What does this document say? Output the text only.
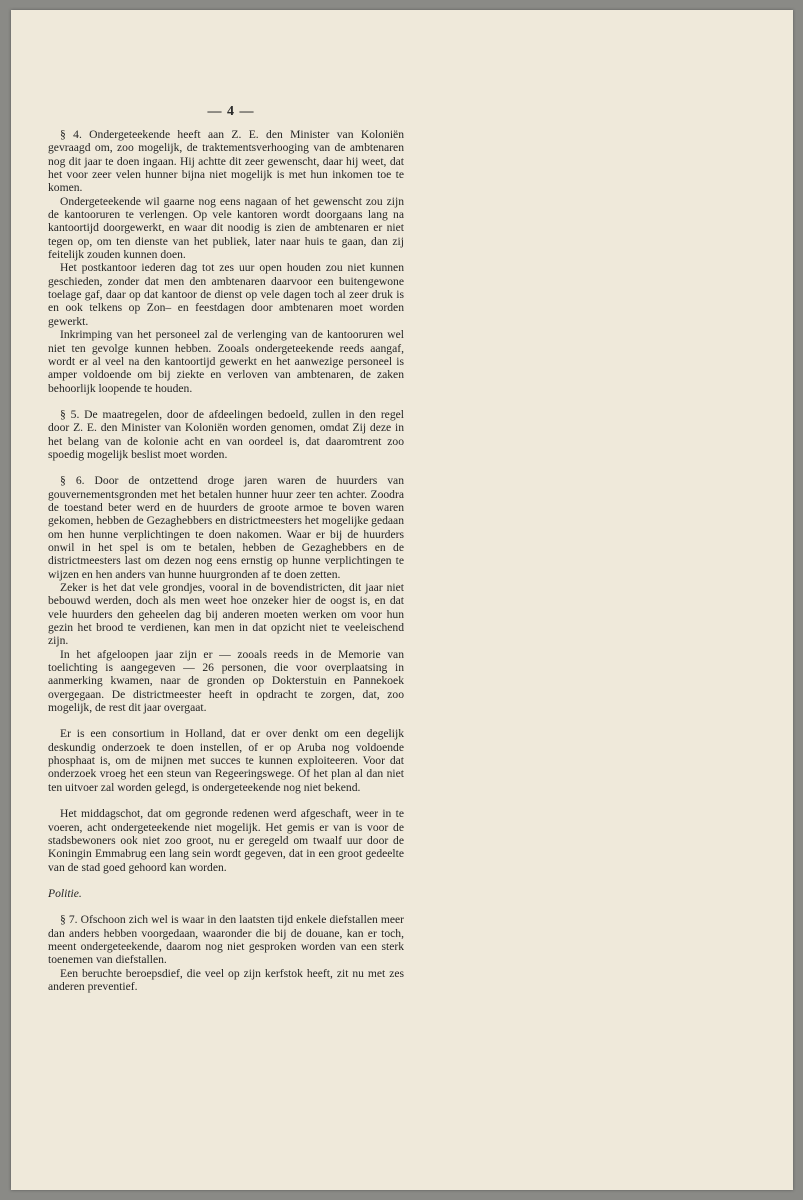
— 4 —

§ 4. Ondergeteekende heeft aan Z. E. den Minister van Koloniën gevraagd om, zoo mogelijk, de traktementsverhooging van de ambtenaren nog dit jaar te doen ingaan. Hij achtte dit zeer gewenscht, daar hij weet, dat het voor zeer velen hunner bijna niet mogelijk is met hun inkomen toe te komen.

Ondergeteekende wil gaarne nog eens nagaan of het gewenscht zou zijn de kantooruren te verlengen. Op vele kantoren wordt doorgaans lang na kantoortijd doorgewerkt, en waar dit noodig is zien de ambtenaren er niet tegen op, om ten dienste van het publiek, later naar huis te gaan, dan zij feitelijk zouden kunnen doen.

Het postkantoor iederen dag tot zes uur open houden zou niet kunnen geschieden, zonder dat men den ambtenaren daarvoor een buitengewone toelage gaf, daar op dat kantoor de dienst op vele dagen toch al zeer druk is en ook telkens op Zon– en feestdagen door ambtenaren moet worden gewerkt.

Inkrimping van het personeel zal de verlenging van de kantooruren wel niet ten gevolge kunnen hebben. Zooals ondergeteekende reeds aangaf, wordt er al veel na den kantoortijd gewerkt en het aanwezige personeel is amper voldoende om bij ziekte en verloven van ambtenaren, de zaken behoorlijk loopende te houden.

§ 5. De maatregelen, door de afdeelingen bedoeld, zullen in den regel door Z. E. den Minister van Koloniën worden genomen, omdat Zij deze in het belang van de kolonie acht en van oordeel is, dat daaromtrent zoo spoedig mogelijk beslist moet worden.

§ 6. Door de ontzettend droge jaren waren de huurders van gouvernementsgronden met het betalen hunner huur zeer ten achter. Zoodra de toestand beter werd en de huurders de groote armoe te boven waren gekomen, hebben de Gezaghebbers en districtmeesters het mogelijke gedaan om hen hunne verplichtingen te doen nakomen. Waar er bij de huurders onwil in het spel is om te betalen, hebben de Gezaghebbers en de districtmeesters last om dezen nog eens ernstig op hunne verplichtingen te wijzen en hen anders van hunne huurgronden af te doen zetten.

Zeker is het dat vele grondjes, vooral in de bovendistricten, dit jaar niet bebouwd werden, doch als men weet hoe onzeker hier de oogst is, en dat vele huurders den geheelen dag bij anderen moeten werken om voor hun gezin het brood te verdienen, kan men in dat opzicht niet te veeleischend zijn.

In het afgeloopen jaar zijn er — zooals reeds in de Memorie van toelichting is aangegeven — 26 personen, die voor overplaatsing in aanmerking kwamen, naar de gronden op Dokterstuin en Pannekoek overgegaan. De districtmeester heeft in opdracht te zorgen, dat, zoo mogelijk, de rest dit jaar overgaat.

Er is een consortium in Holland, dat er over denkt om een degelijk deskundig onderzoek te doen instellen, of er op Aruba nog voldoende phosphaat is, om de mijnen met succes te kunnen exploiteeren. Voor dat onderzoek vroeg het een steun van Regeeringswege. Of het plan al dan niet ten uitvoer zal worden gelegd, is ondergeteekende nog niet bekend.

Het middagschot, dat om gegronde redenen werd afgeschaft, weer in te voeren, acht ondergeteekende niet mogelijk. Het gemis er van is voor de stadsbewoners ook niet zoo groot, nu er geregeld om twaalf uur door de Koningin Emmabrug een lang sein wordt gegeven, dat in een groot gedeelte van de stad goed gehoord kan worden.

Politie.

§ 7. Ofschoon zich wel is waar in den laatsten tijd enkele diefstallen meer dan anders hebben voorgedaan, waaronder die bij de douane, kan er toch, meent ondergeteekende, daarom nog niet gesproken worden van een sterk toenemen van diefstallen.

Een beruchte beroepsdief, die veel op zijn kerfstok heeft, zit nu met zes anderen preventief.
